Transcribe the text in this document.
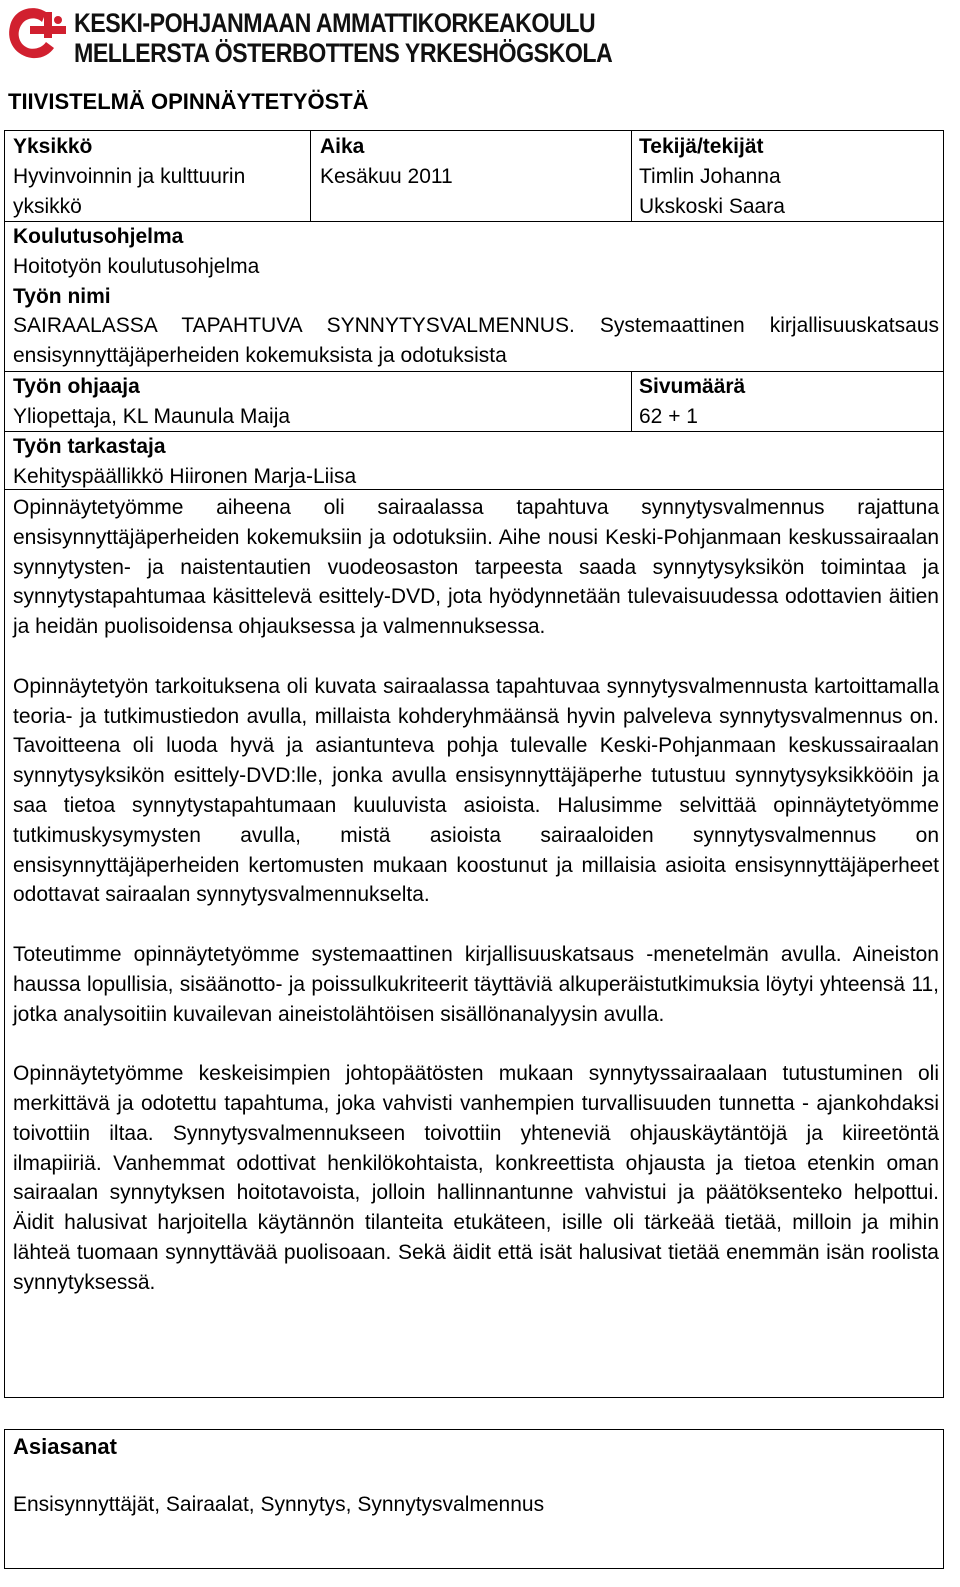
KESKI-POHJANMAAN AMMATTIKORKEAKOULU
MELLERSTA ÖSTERBOTTENS YRKESHÖGSKOLA
TIIVISTELMÄ OPINNÄYTETYÖSTÄ
Yksikkö
Hyvinvoinnin ja kulttuurin
yksikkö
Aika
Kesäkuu 2011
Tekijä/tekijät
Timlin Johanna
Ukskoski Saara
Koulutusohjelma
Hoitotyön koulutusohjelma
Työn nimi
SAIRAALASSA TAPAHTUVA SYNNYTYSVALMENNUS. Systemaattinen kirjallisuuskatsaus ensisynnyttäjäperheiden kokemuksista ja odotuksista
Työn ohjaaja
Yliopettaja, KL Maunula Maija
Sivumäärä
62 + 1
Työn tarkastaja
Kehityspäällikkö Hiironen Marja-Liisa

Opinnäytetyömme aiheena oli sairaalassa tapahtuva synnytysvalmennus rajattuna ensisynnyttäjäperheiden kokemuksiin ja odotuksiin. Aihe nousi Keski-Pohjanmaan keskussairaalan synnytysten- ja naistentautien vuodeosaston tarpeesta saada synnytysyksikön toimintaa ja synnytystapahtumaa käsittelevä esittely-DVD, jota hyödynnetään tulevaisuudessa odottavien äitien ja heidän puolisoidensa ohjauksessa ja valmennuksessa.

Opinnäytetyön tarkoituksena oli kuvata sairaalassa tapahtuvaa synnytysvalmennusta kartoittamalla teoria- ja tutkimustiedon avulla, millaista kohderyhmäänsä hyvin palveleva synnytysvalmennus on. Tavoitteena oli luoda hyvä ja asiantunteva pohja tulevalle Keski-Pohjanmaan keskussairaalan synnytysyksikön esittely-DVD:lle, jonka avulla ensisynnyttäjäperhe tutustuu synnytysyksikkööin ja saa tietoa synnytystapahtumaan kuuluvista asioista. Halusimme selvittää opinnäytetyömme tutkimuskysymysten avulla, mistä asioista sairaaloiden synnytysvalmennus on ensisynnyttäjäperheiden kertomusten mukaan koostunut ja millaisia asioita ensisynnyttäjäperheet odottavat sairaalan synnytysvalmennukselta.

Toteutimme opinnäytetyömme systemaattinen kirjallisuuskatsaus -menetelmän avulla. Aineiston haussa lopullisia, sisäänotto- ja poissulkukriteerit täyttäviä alkuperäistutkimuksia löytyi yhteensä 11, jotka analysoitiin kuvailevan aineistolähtöisen sisällönanalyysin avulla.

Opinnäytetyömme keskeisimpien johtopäätösten mukaan synnytyssairaalaan tutustuminen oli merkittävä ja odotettu tapahtuma, joka vahvisti vanhempien turvallisuuden tunnetta - ajankohdaksi toivottiin iltaa. Synnytysvalmennukseen toivottiin yhteneviä ohjauskäytäntöjä ja kiireetöntä ilmapiiriä. Vanhemmat odottivat henkilökohtaista, konkreettista ohjausta ja tietoa etenkin oman sairaalan synnytyksen hoitotavoista, jolloin hallinnantunne vahvistui ja päätöksenteko helpottui. Äidit halusivat harjoitella käytännön tilanteita etukäteen, isille oli tärkeää tietää, milloin ja mihin lähteä tuomaan synnyttävää puolisoaan. Sekä äidit että isät halusivat tietää enemmän isän roolista synnytyksessä.

Asiasanat
Ensisynnyttäjät, Sairaalat, Synnytys, Synnytysvalmennus
